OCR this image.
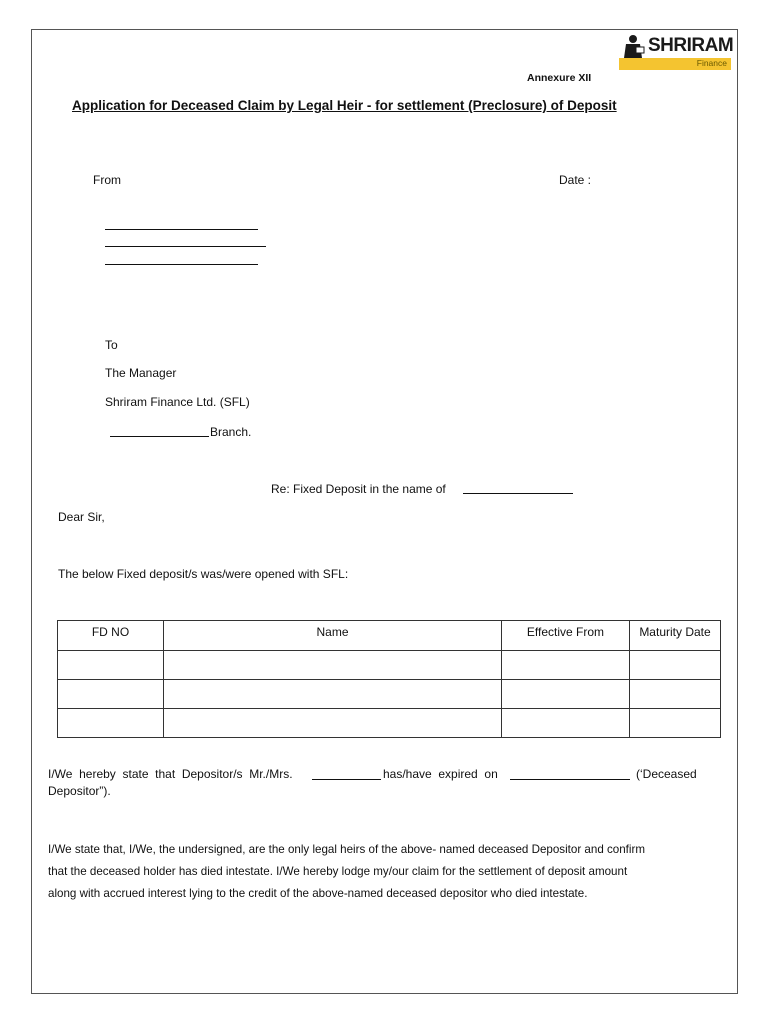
SHRIRAM
Finance
Annexure XII
Application for Deceased Claim by Legal Heir - for settlement (Preclosure) of Deposit
From	Date :
To
The Manager
Shriram Finance Ltd. (SFL)
Branch.
Re: Fixed Deposit in the name of
Dear Sir,
The below Fixed deposit/s was/were opened with SFL:
FD NO	Name	Effective From	Maturity Date

I/We  hereby  state  that  Depositor/s  Mr./Mrs.	has/have  expired  on	(‘Deceased
Depositor”).
I/We state that, I/We, the undersigned, are the only legal heirs of the above- named deceased Depositor and confirm
that the deceased holder has died intestate. I/We hereby lodge my/our claim for the settlement of deposit amount
along with accrued interest lying to the credit of the above-named deceased depositor who died intestate.
